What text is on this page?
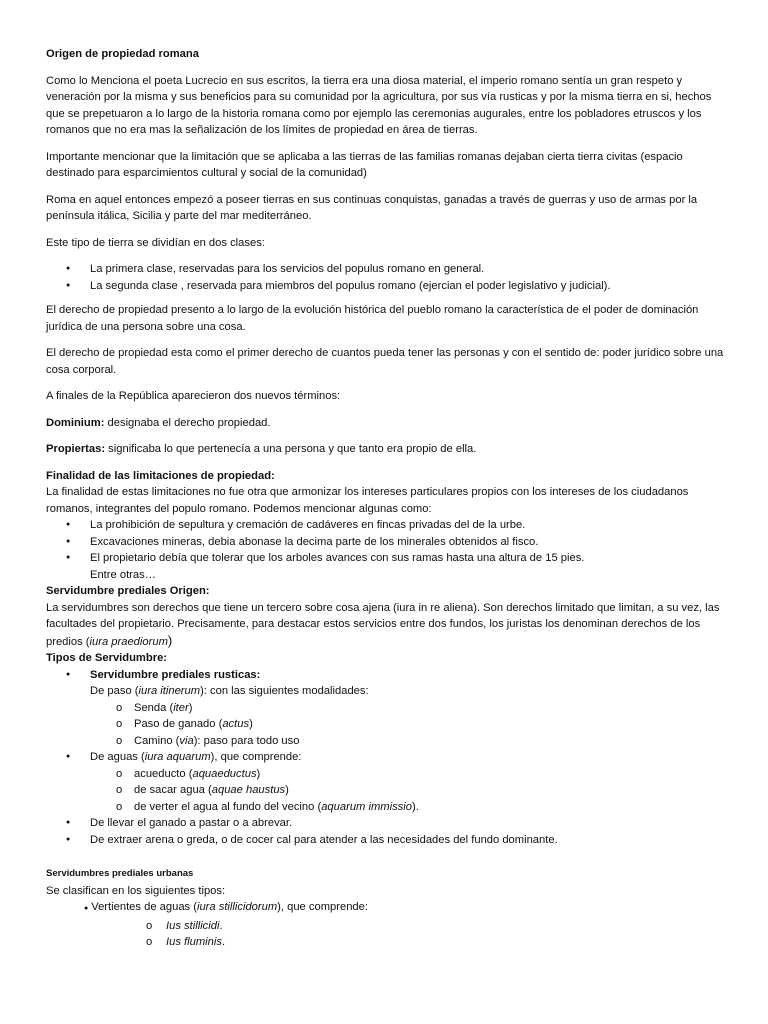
Origen de propiedad romana

Como lo Menciona el poeta Lucrecio en sus escritos, la tierra era una diosa material, el imperio romano sentía un gran respeto y veneración por la misma y sus beneficios para su comunidad por la agricultura, por sus vía rusticas y por la misma tierra en si, hechos que se prepetuaron a lo largo de la historia romana como por ejemplo las ceremonias augurales, entre los pobladores etruscos y los romanos que no era mas la señalización de los límites de propiedad en área de tierras.

Importante mencionar que la limitación que se aplicaba a las tierras de las familias romanas dejaban cierta tierra civitas (espacio destinado para esparcimientos cultural y social de la comunidad)

Roma en aquel entonces empezó a poseer tierras en sus continuas conquistas, ganadas a través de guerras y uso de armas por la península itálica, Sicilia y parte del mar mediterráneo.

Este tipo de tierra se dividían en dos clases:

● La primera clase, reservadas para los servicios del populus romano en general.
● La segunda clase , reservada para miembros del populus romano (ejercian el poder legislativo y judicial).

El derecho de propiedad presento a lo largo de la evolución histórica del pueblo romano la característica de el poder de dominación jurídica de una persona sobre una cosa.

El derecho de propiedad esta como el primer derecho de cuantos pueda tener las personas y con el sentido de: poder jurídico sobre una cosa corporal.

A finales de la República aparecieron dos nuevos términos:

Dominium: designaba el derecho propiedad.

Propiertas: significaba lo que pertenecía a una persona y que tanto era propio de ella.

Finalidad de las limitaciones de propiedad:
La finalidad de estas limitaciones no fue otra que armonizar los intereses particulares propios con los intereses de los ciudadanos romanos, integrantes del populo romano. Podemos mencionar algunas como:
● La prohibición de sepultura y cremación de cadáveres en fincas privadas del de la urbe.
● Excavaciones mineras, debia abonase la decima parte de los minerales obtenidos al fisco.
● El propietario debía que tolerar que los arboles avances con sus ramas hasta una altura de 15 pies.
Entre otras…
Servidumbre prediales Origen:
La servidumbres son derechos que tiene un tercero sobre cosa ajena (iura in re aliena). Son derechos limitado que limitan, a su vez, las facultades del propietario. Precisamente, para destacar estos servicios entre dos fundos, los juristas los denominan derechos de los predios (iura praediorum)
Tipos de Servidumbre:
● Servidumbre prediales rusticas:
De paso (iura itinerum): con las siguientes modalidades:
o Senda (iter)
o Paso de ganado (actus)
o Camino (via): paso para todo uso
● De aguas (iura aquarum), que comprende:
o acueducto (aquaeductus)
o de sacar agua (aquae haustus)
o de verter el agua al fundo del vecino (aquarum immissio).
● De llevar el ganado a pastar o a abrevar.
● De extraer arena o greda, o de cocer cal para atender a las necesidades del fundo dominante.
Servidumbres prediales urbanas
Se clasifican en los siguientes tipos:
● Vertientes de aguas (iura stillicidorum), que comprende:
o Ius stillicidi.
o Ius fluminis.
